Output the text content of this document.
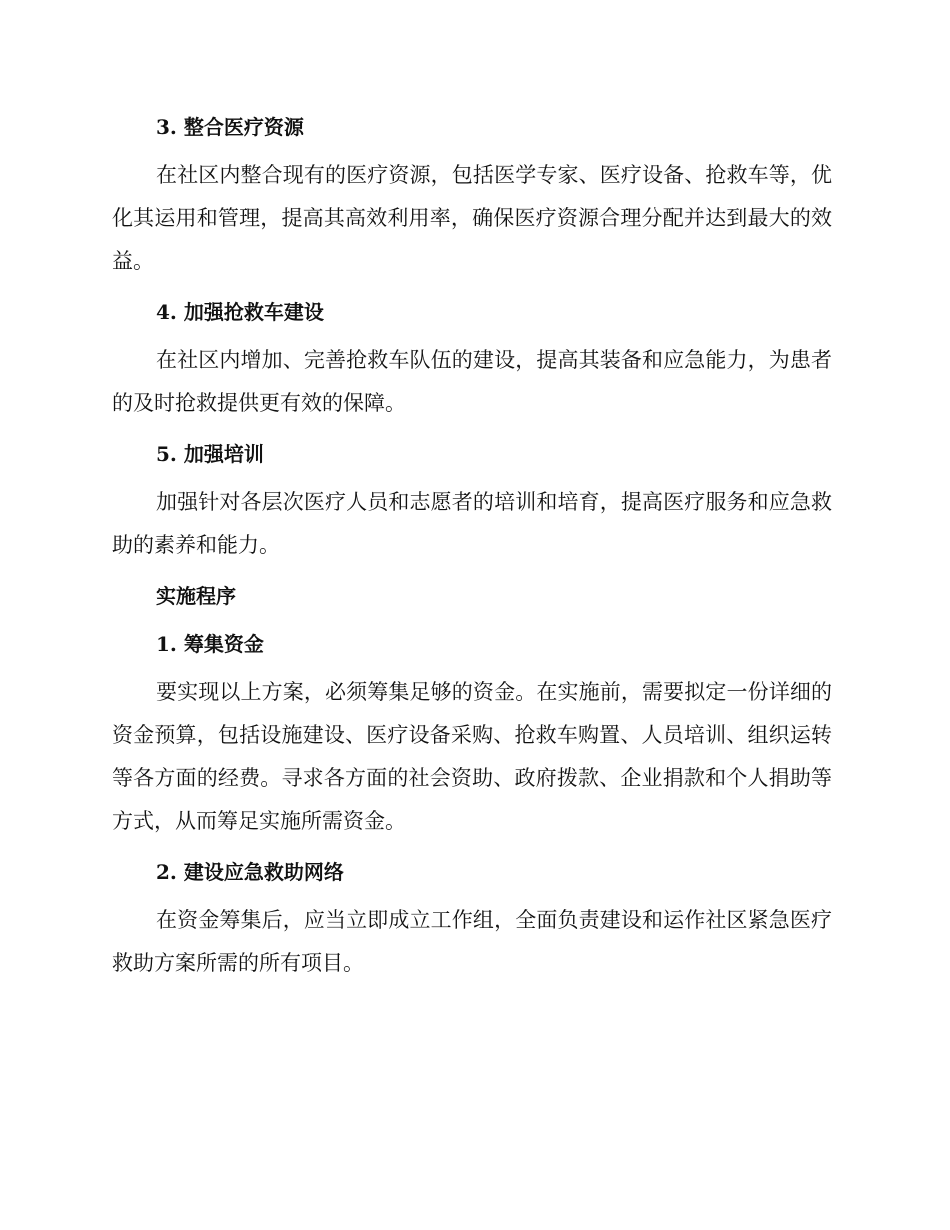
3. 整合医疗资源

在社区内整合现有的医疗资源，包括医学专家、医疗设备、抢救车等，优化其运用和管理，提高其高效利用率，确保医疗资源合理分配并达到最大的效益。

4. 加强抢救车建设

在社区内增加、完善抢救车队伍的建设，提高其装备和应急能力，为患者的及时抢救提供更有效的保障。

5. 加强培训

加强针对各层次医疗人员和志愿者的培训和培育，提高医疗服务和应急救助的素养和能力。

实施程序
1. 筹集资金

要实现以上方案，必须筹集足够的资金。在实施前，需要拟定一份详细的资金预算，包括设施建设、医疗设备采购、抢救车购置、人员培训、组织运转等各方面的经费。寻求各方面的社会资助、政府拨款、企业捐款和个人捐助等方式，从而筹足实施所需资金。

2. 建设应急救助网络

在资金筹集后，应当立即成立工作组，全面负责建设和运作社区紧急医疗救助方案所需的所有项目。
